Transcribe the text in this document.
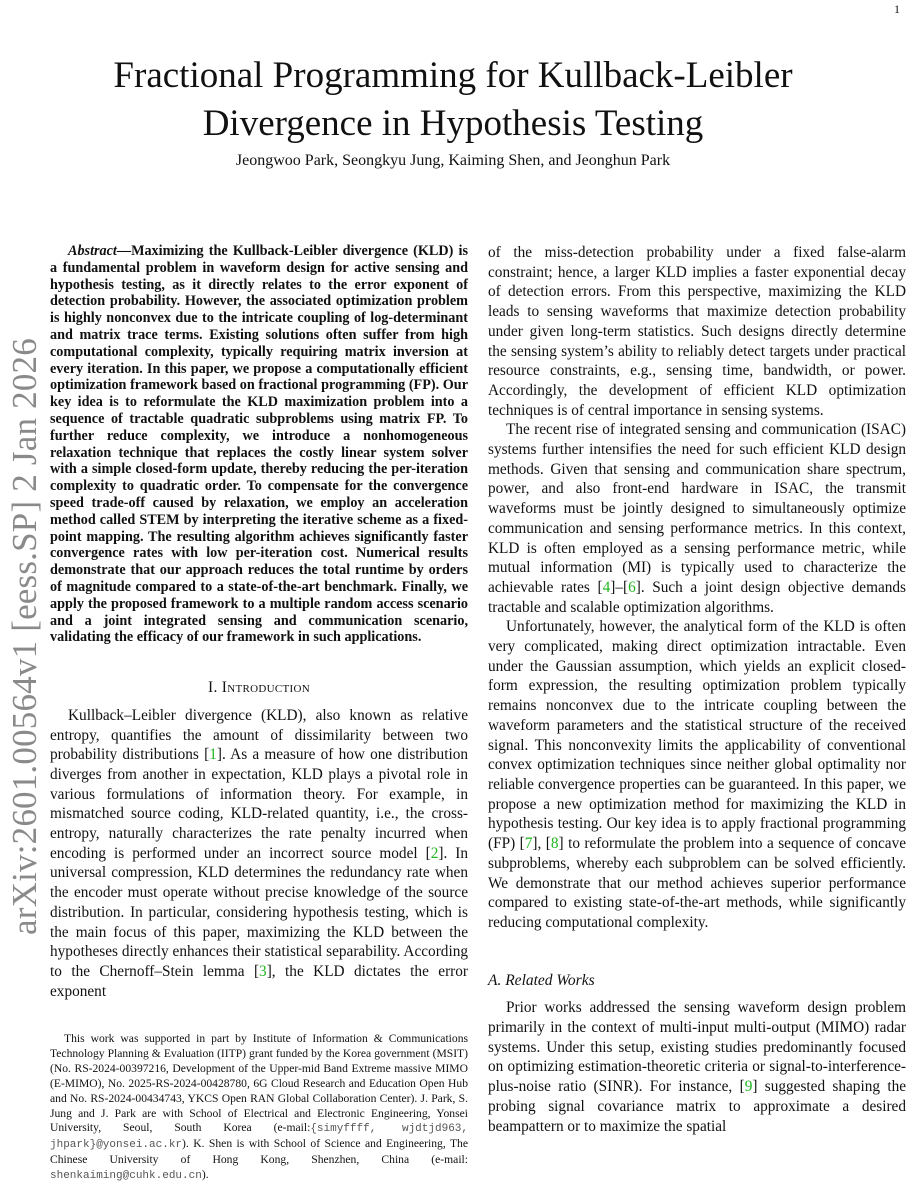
1
arXiv:2601.00564v1 [eess.SP] 2 Jan 2026
Fractional Programming for Kullback-Leibler Divergence in Hypothesis Testing
Jeongwoo Park, Seongkyu Jung, Kaiming Shen, and Jeonghun Park

Abstract—Maximizing the Kullback-Leibler divergence (KLD) is a fundamental problem in waveform design for active sensing and hypothesis testing, as it directly relates to the error exponent of detection probability. However, the associated optimization problem is highly nonconvex due to the intricate coupling of log-determinant and matrix trace terms. Existing solutions often suffer from high computational complexity, typically requiring matrix inversion at every iteration. In this paper, we propose a computationally efficient optimization framework based on fractional programming (FP). Our key idea is to reformulate the KLD maximization problem into a sequence of tractable quadratic subproblems using matrix FP. To further reduce complexity, we introduce a nonhomogeneous relaxation technique that replaces the costly linear system solver with a simple closed-form update, thereby reducing the per-iteration complexity to quadratic order. To compensate for the convergence speed trade-off caused by relaxation, we employ an acceleration method called STEM by interpreting the iterative scheme as a fixed-point mapping. The resulting algorithm achieves significantly faster convergence rates with low per-iteration cost. Numerical results demonstrate that our approach reduces the total runtime by orders of magnitude compared to a state-of-the-art benchmark. Finally, we apply the proposed framework to a multiple random access scenario and a joint integrated sensing and communication scenario, validating the efficacy of our framework in such applications.

I. Introduction

Kullback–Leibler divergence (KLD), also known as relative entropy, quantifies the amount of dissimilarity between two probability distributions [1]. As a measure of how one distribution diverges from another in expectation, KLD plays a pivotal role in various formulations of information theory. For example, in mismatched source coding, KLD-related quantity, i.e., the cross-entropy, naturally characterizes the rate penalty incurred when encoding is performed under an incorrect source model [2]. In universal compression, KLD determines the redundancy rate when the encoder must operate without precise knowledge of the source distribution. In particular, considering hypothesis testing, which is the main focus of this paper, maximizing the KLD between the hypotheses directly enhances their statistical separability. According to the Chernoff–Stein lemma [3], the KLD dictates the error exponent

This work was supported in part by Institute of Information & Communications Technology Planning & Evaluation (IITP) grant funded by the Korea government (MSIT) (No. RS-2024-00397216, Development of the Upper-mid Band Extreme massive MIMO (E-MIMO), No. 2025-RS-2024-00428780, 6G Cloud Research and Education Open Hub and No. RS-2024-00434743, YKCS Open RAN Global Collaboration Center). J. Park, S. Jung and J. Park are with School of Electrical and Electronic Engineering, Yonsei University, Seoul, South Korea (e-mail:{simyffff, wjdtjd963, jhpark}@yonsei.ac.kr). K. Shen is with School of Science and Engineering, The Chinese University of Hong Kong, Shenzhen, China (e-mail: shenkaiming@cuhk.edu.cn).

of the miss-detection probability under a fixed false-alarm constraint; hence, a larger KLD implies a faster exponential decay of detection errors. From this perspective, maximizing the KLD leads to sensing waveforms that maximize detection probability under given long-term statistics. Such designs directly determine the sensing system’s ability to reliably detect targets under practical resource constraints, e.g., sensing time, bandwidth, or power. Accordingly, the development of efficient KLD optimization techniques is of central importance in sensing systems.

The recent rise of integrated sensing and communication (ISAC) systems further intensifies the need for such efficient KLD design methods. Given that sensing and communication share spectrum, power, and also front-end hardware in ISAC, the transmit waveforms must be jointly designed to simultaneously optimize communication and sensing performance metrics. In this context, KLD is often employed as a sensing performance metric, while mutual information (MI) is typically used to characterize the achievable rates [4]–[6]. Such a joint design objective demands tractable and scalable optimization algorithms.

Unfortunately, however, the analytical form of the KLD is often very complicated, making direct optimization intractable. Even under the Gaussian assumption, which yields an explicit closed-form expression, the resulting optimization problem typically remains nonconvex due to the intricate coupling between the waveform parameters and the statistical structure of the received signal. This nonconvexity limits the applicability of conventional convex optimization techniques since neither global optimality nor reliable convergence properties can be guaranteed. In this paper, we propose a new optimization method for maximizing the KLD in hypothesis testing. Our key idea is to apply fractional programming (FP) [7], [8] to reformulate the problem into a sequence of concave subproblems, whereby each subproblem can be solved efficiently. We demonstrate that our method achieves superior performance compared to existing state-of-the-art methods, while significantly reducing computational complexity.

A. Related Works

Prior works addressed the sensing waveform design problem primarily in the context of multi-input multi-output (MIMO) radar systems. Under this setup, existing studies predominantly focused on optimizing estimation-theoretic criteria or signal-to-interference-plus-noise ratio (SINR). For instance, [9] suggested shaping the probing signal covariance matrix to approximate a desired beampattern or to maximize the spatial
